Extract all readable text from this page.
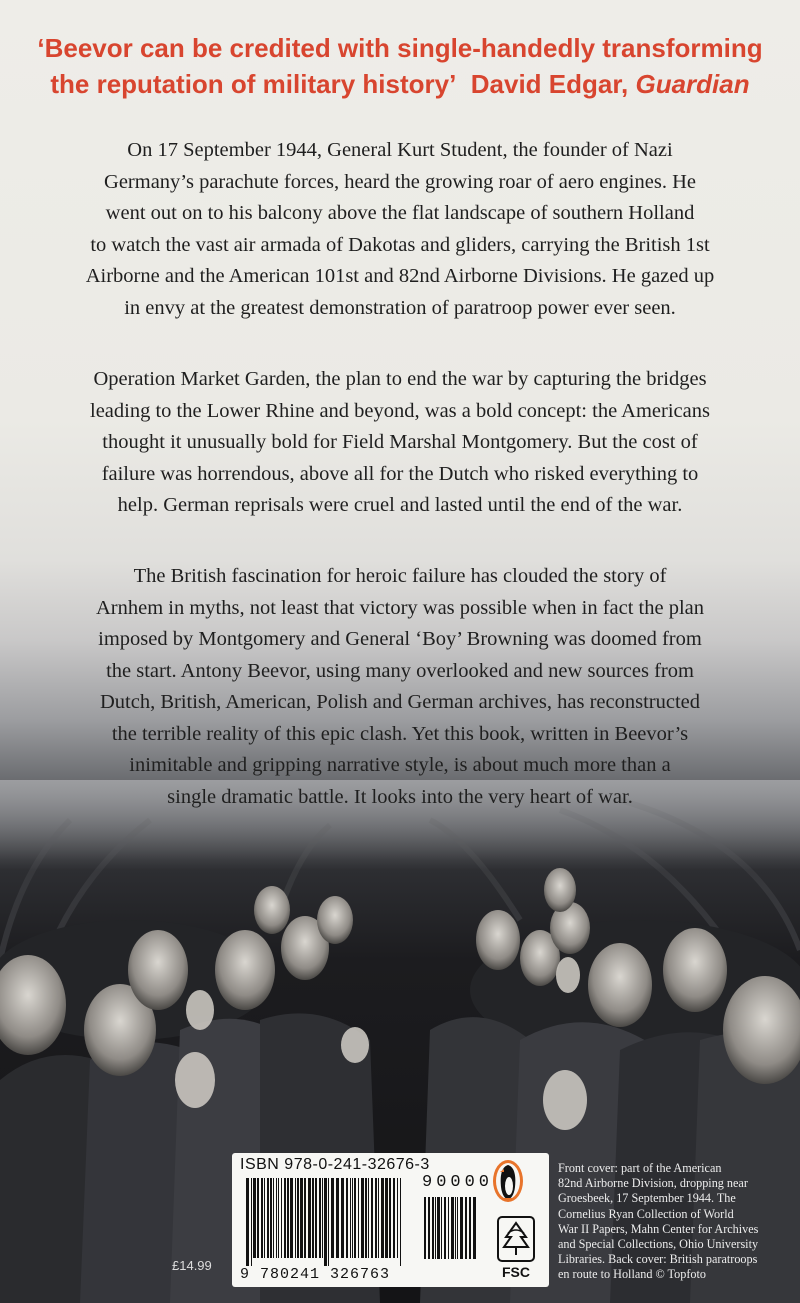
‘Beevor can be credited with single-handedly transforming
the reputation of military history’ David Edgar, Guardian

On 17 September 1944, General Kurt Student, the founder of Nazi
Germany’s parachute forces, heard the growing roar of aero engines. He
went out on to his balcony above the flat landscape of southern Holland
to watch the vast air armada of Dakotas and gliders, carrying the British 1st
Airborne and the American 101st and 82nd Airborne Divisions. He gazed up
in envy at the greatest demonstration of paratroop power ever seen.

Operation Market Garden, the plan to end the war by capturing the bridges
leading to the Lower Rhine and beyond, was a bold concept: the Americans
thought it unusually bold for Field Marshal Montgomery. But the cost of
failure was horrendous, above all for the Dutch who risked everything to
help. German reprisals were cruel and lasted until the end of the war.

The British fascination for heroic failure has clouded the story of
Arnhem in myths, not least that victory was possible when in fact the plan
imposed by Montgomery and General ‘Boy’ Browning was doomed from
the start. Antony Beevor, using many overlooked and new sources from
Dutch, British, American, Polish and German archives, has reconstructed
the terrible reality of this epic clash. Yet this book, written in Beevor’s
inimitable and gripping narrative style, is about much more than a
single dramatic battle. It looks into the very heart of war.

£14.99
ISBN 978-0-241-32676-3
90000
9 780241 326763	FSC

Front cover: part of the American
82nd Airborne Division, dropping near
Groesbeek, 17 September 1944. The
Cornelius Ryan Collection of World
War II Papers, Mahn Center for Archives
and Special Collections, Ohio University
Libraries. Back cover: British paratroops
en route to Holland © Topfoto
